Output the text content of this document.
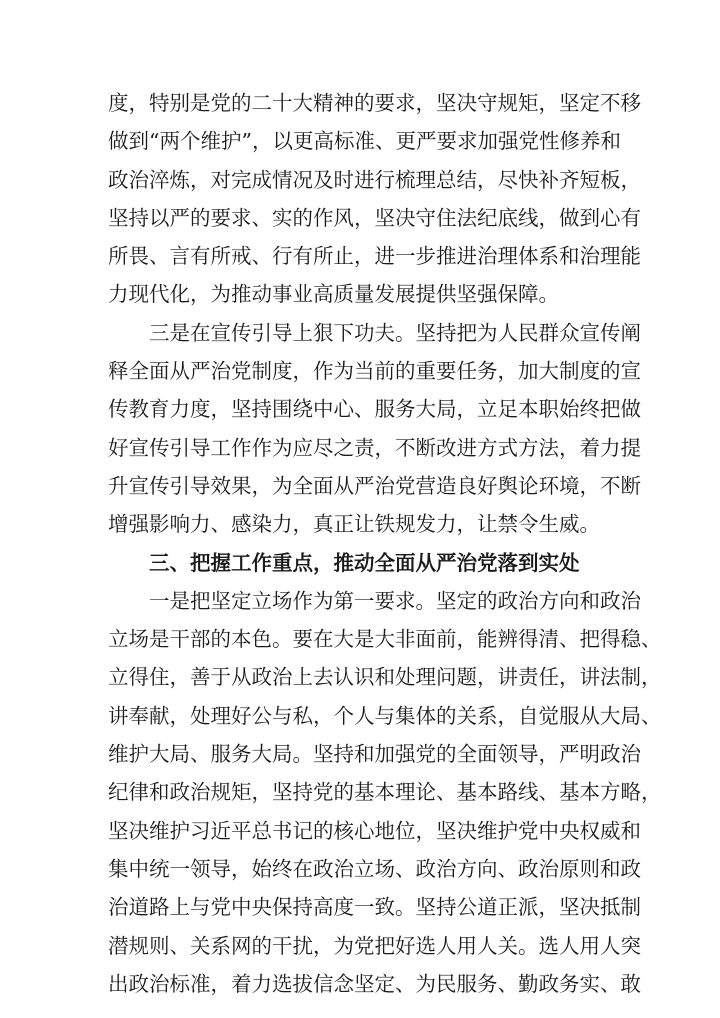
度，特别是党的二十大精神的要求，坚决守规矩，坚定不移
做到“两个维护”，以更高标准、更严要求加强党性修养和
政治淬炼，对完成情况及时进行梳理总结，尽快补齐短板，
坚持以严的要求、实的作风，坚决守住法纪底线，做到心有
所畏、言有所戒、行有所止，进一步推进治理体系和治理能
力现代化，为推动事业高质量发展提供坚强保障。
三是在宣传引导上狠下功夫。坚持把为人民群众宣传阐
释全面从严治党制度，作为当前的重要任务，加大制度的宣
传教育力度，坚持围绕中心、服务大局，立足本职始终把做
好宣传引导工作作为应尽之责，不断改进方式方法，着力提
升宣传引导效果，为全面从严治党营造良好舆论环境，不断
增强影响力、感染力，真正让铁规发力，让禁令生威。
三、把握工作重点，推动全面从严治党落到实处
一是把坚定立场作为第一要求。坚定的政治方向和政治
立场是干部的本色。要在大是大非面前，能辨得清、把得稳、
立得住，善于从政治上去认识和处理问题，讲责任，讲法制，
讲奉献，处理好公与私，个人与集体的关系，自觉服从大局、
维护大局、服务大局。坚持和加强党的全面领导，严明政治
纪律和政治规矩，坚持党的基本理论、基本路线、基本方略，
坚决维护习近平总书记的核心地位，坚决维护党中央权威和
集中统一领导，始终在政治立场、政治方向、政治原则和政
治道路上与党中央保持高度一致。坚持公道正派，坚决抵制
潜规则、关系网的干扰，为党把好选人用人关。选人用人突
出政治标准，着力选拔信念坚定、为民服务、勤政务实、敢
